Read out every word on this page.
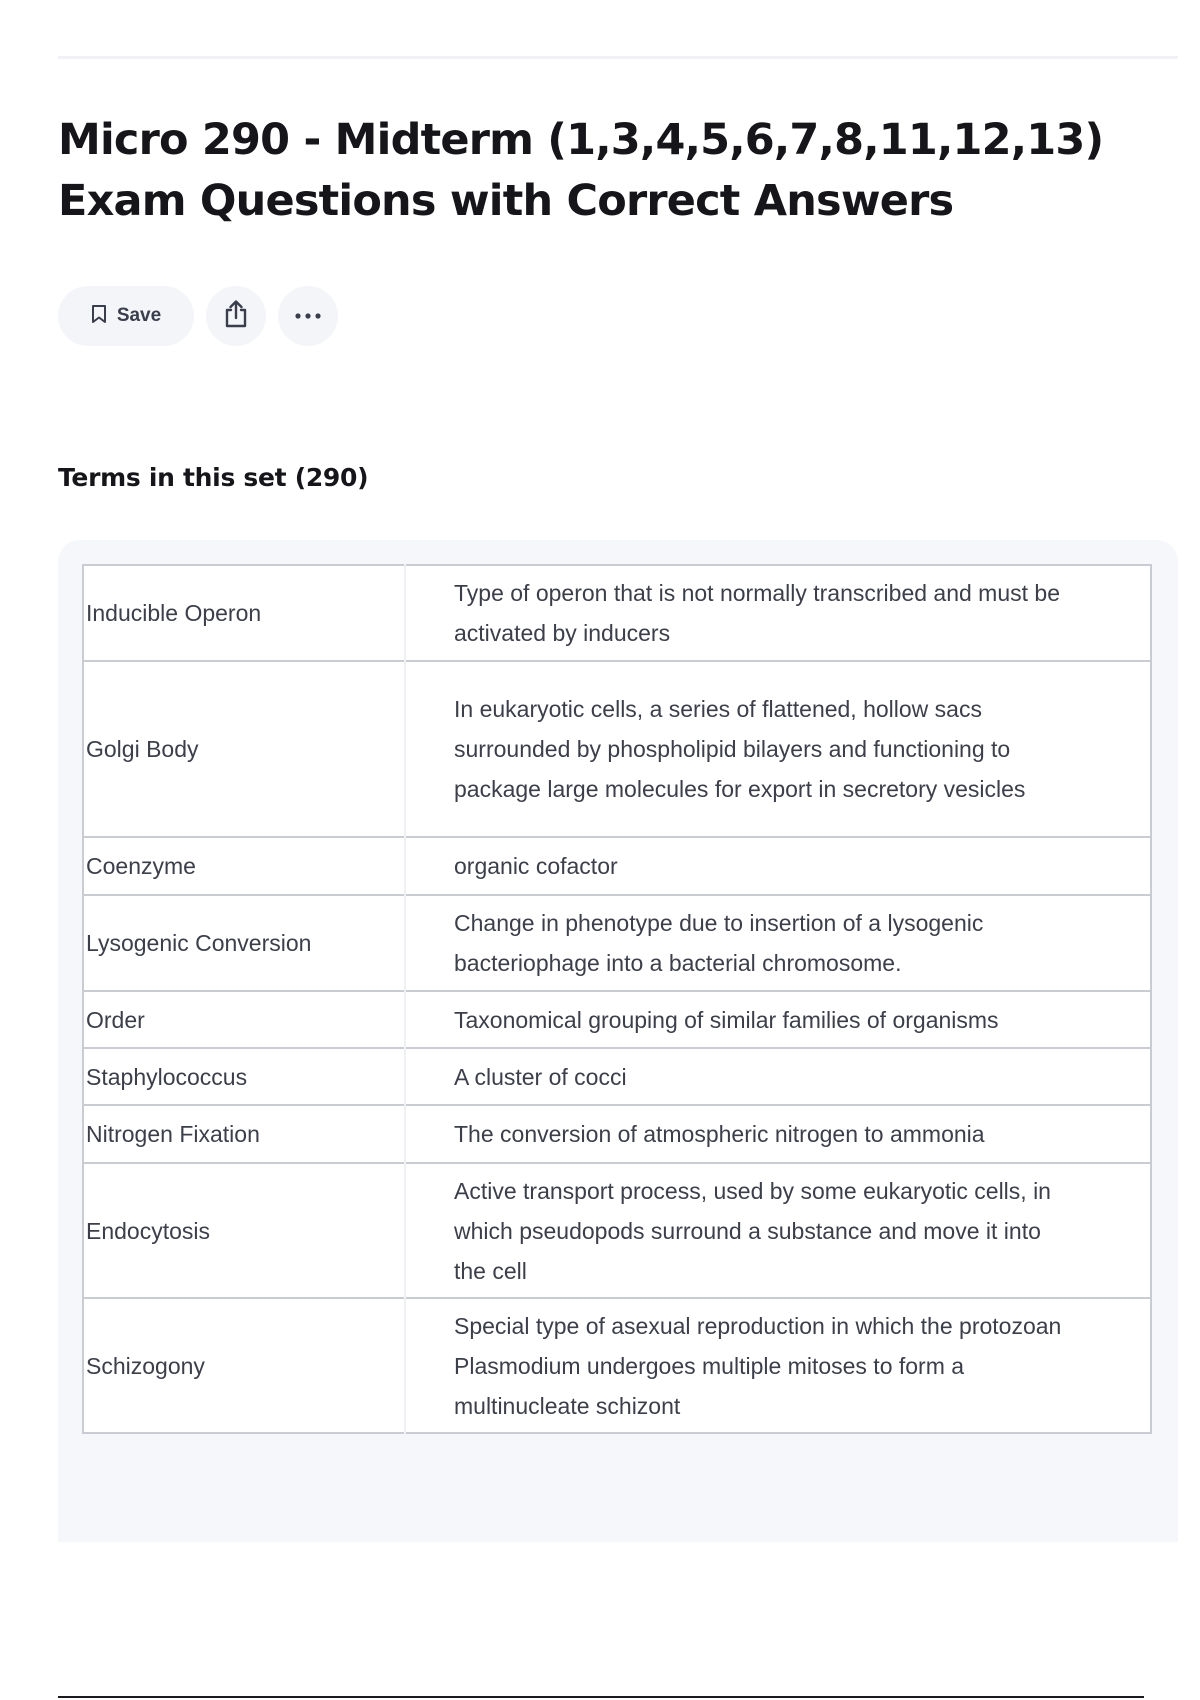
Micro 290 - Midterm (1,3,4,5,6,7,8,11,12,13) Exam Questions with Correct Answers
Save
Terms in this set (290)
Inducible Operon	Type of operon that is not normally transcribed and must be activated by inducers
Golgi Body	In eukaryotic cells, a series of flattened, hollow sacs surrounded by phospholipid bilayers and functioning to package large molecules for export in secretory vesicles
Coenzyme	organic cofactor
Lysogenic Conversion	Change in phenotype due to insertion of a lysogenic bacteriophage into a bacterial chromosome.
Order	Taxonomical grouping of similar families of organisms
Staphylococcus	A cluster of cocci
Nitrogen Fixation	The conversion of atmospheric nitrogen to ammonia
Endocytosis	Active transport process, used by some eukaryotic cells, in which pseudopods surround a substance and move it into the cell
Schizogony	Special type of asexual reproduction in which the protozoan Plasmodium undergoes multiple mitoses to form a multinucleate schizont
